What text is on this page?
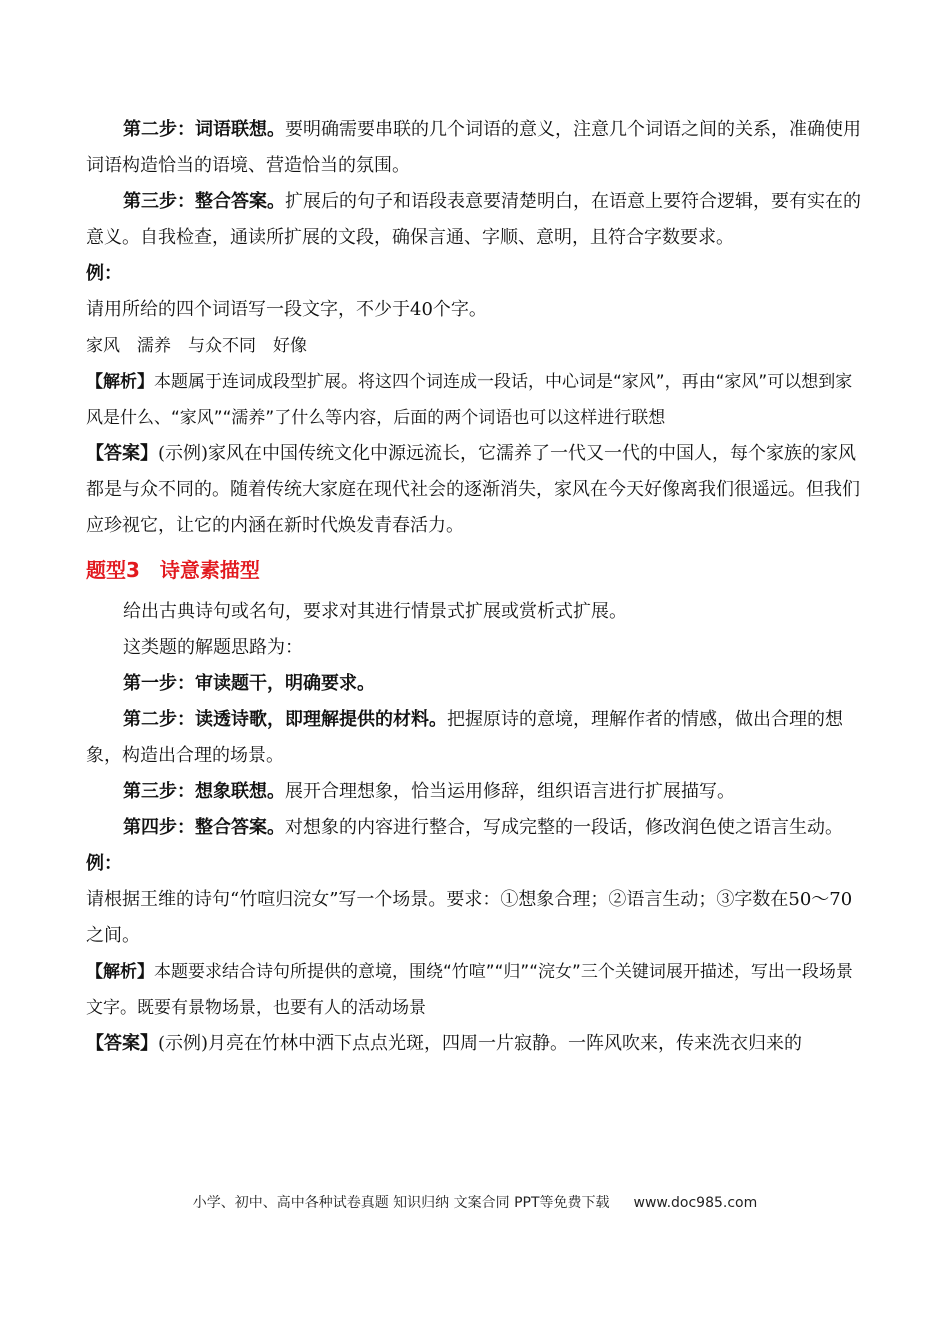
第二步：词语联想。要明确需要串联的几个词语的意义，注意几个词语之间的关系，准确使用词语构造恰当的语境、营造恰当的氛围。

第三步：整合答案。扩展后的句子和语段表意要清楚明白，在语意上要符合逻辑，要有实在的意义。自我检查，通读所扩展的文段，确保言通、字顺、意明，且符合字数要求。

例：

请用所给的四个词语写一段文字，不少于40个字。

家风　濡养　与众不同　好像

【解析】本题属于连词成段型扩展。将这四个词连成一段话，中心词是“家风”，再由“家风”可以想到家风是什么、“家风”“濡养”了什么等内容，后面的两个词语也可以这样进行联想

【答案】(示例)家风在中国传统文化中源远流长，它濡养了一代又一代的中国人，每个家族的家风都是与众不同的。随着传统大家庭在现代社会的逐渐消失，家风在今天好像离我们很遥远。但我们应珍视它，让它的内涵在新时代焕发青春活力。

题型3　诗意素描型

给出古典诗句或名句，要求对其进行情景式扩展或赏析式扩展。

这类题的解题思路为：

第一步：审读题干，明确要求。

第二步：读透诗歌，即理解提供的材料。把握原诗的意境，理解作者的情感，做出合理的想象，构造出合理的场景。

第三步：想象联想。展开合理想象，恰当运用修辞，组织语言进行扩展描写。

第四步：整合答案。对想象的内容进行整合，写成完整的一段话，修改润色使之语言生动。

例：

请根据王维的诗句“竹喧归浣女”写一个场景。要求：①想象合理；②语言生动；③字数在50～70之间。

【解析】本题要求结合诗句所提供的意境，围绕“竹喧”“归”“浣女”三个关键词展开描述，写出一段场景文字。既要有景物场景，也要有人的活动场景

【答案】(示例)月亮在竹林中洒下点点光斑，四周一片寂静。一阵风吹来，传来洗衣归来的

小学、初中、高中各种试卷真题 知识归纳 文案合同 PPT等免费下载 www.doc985.com
